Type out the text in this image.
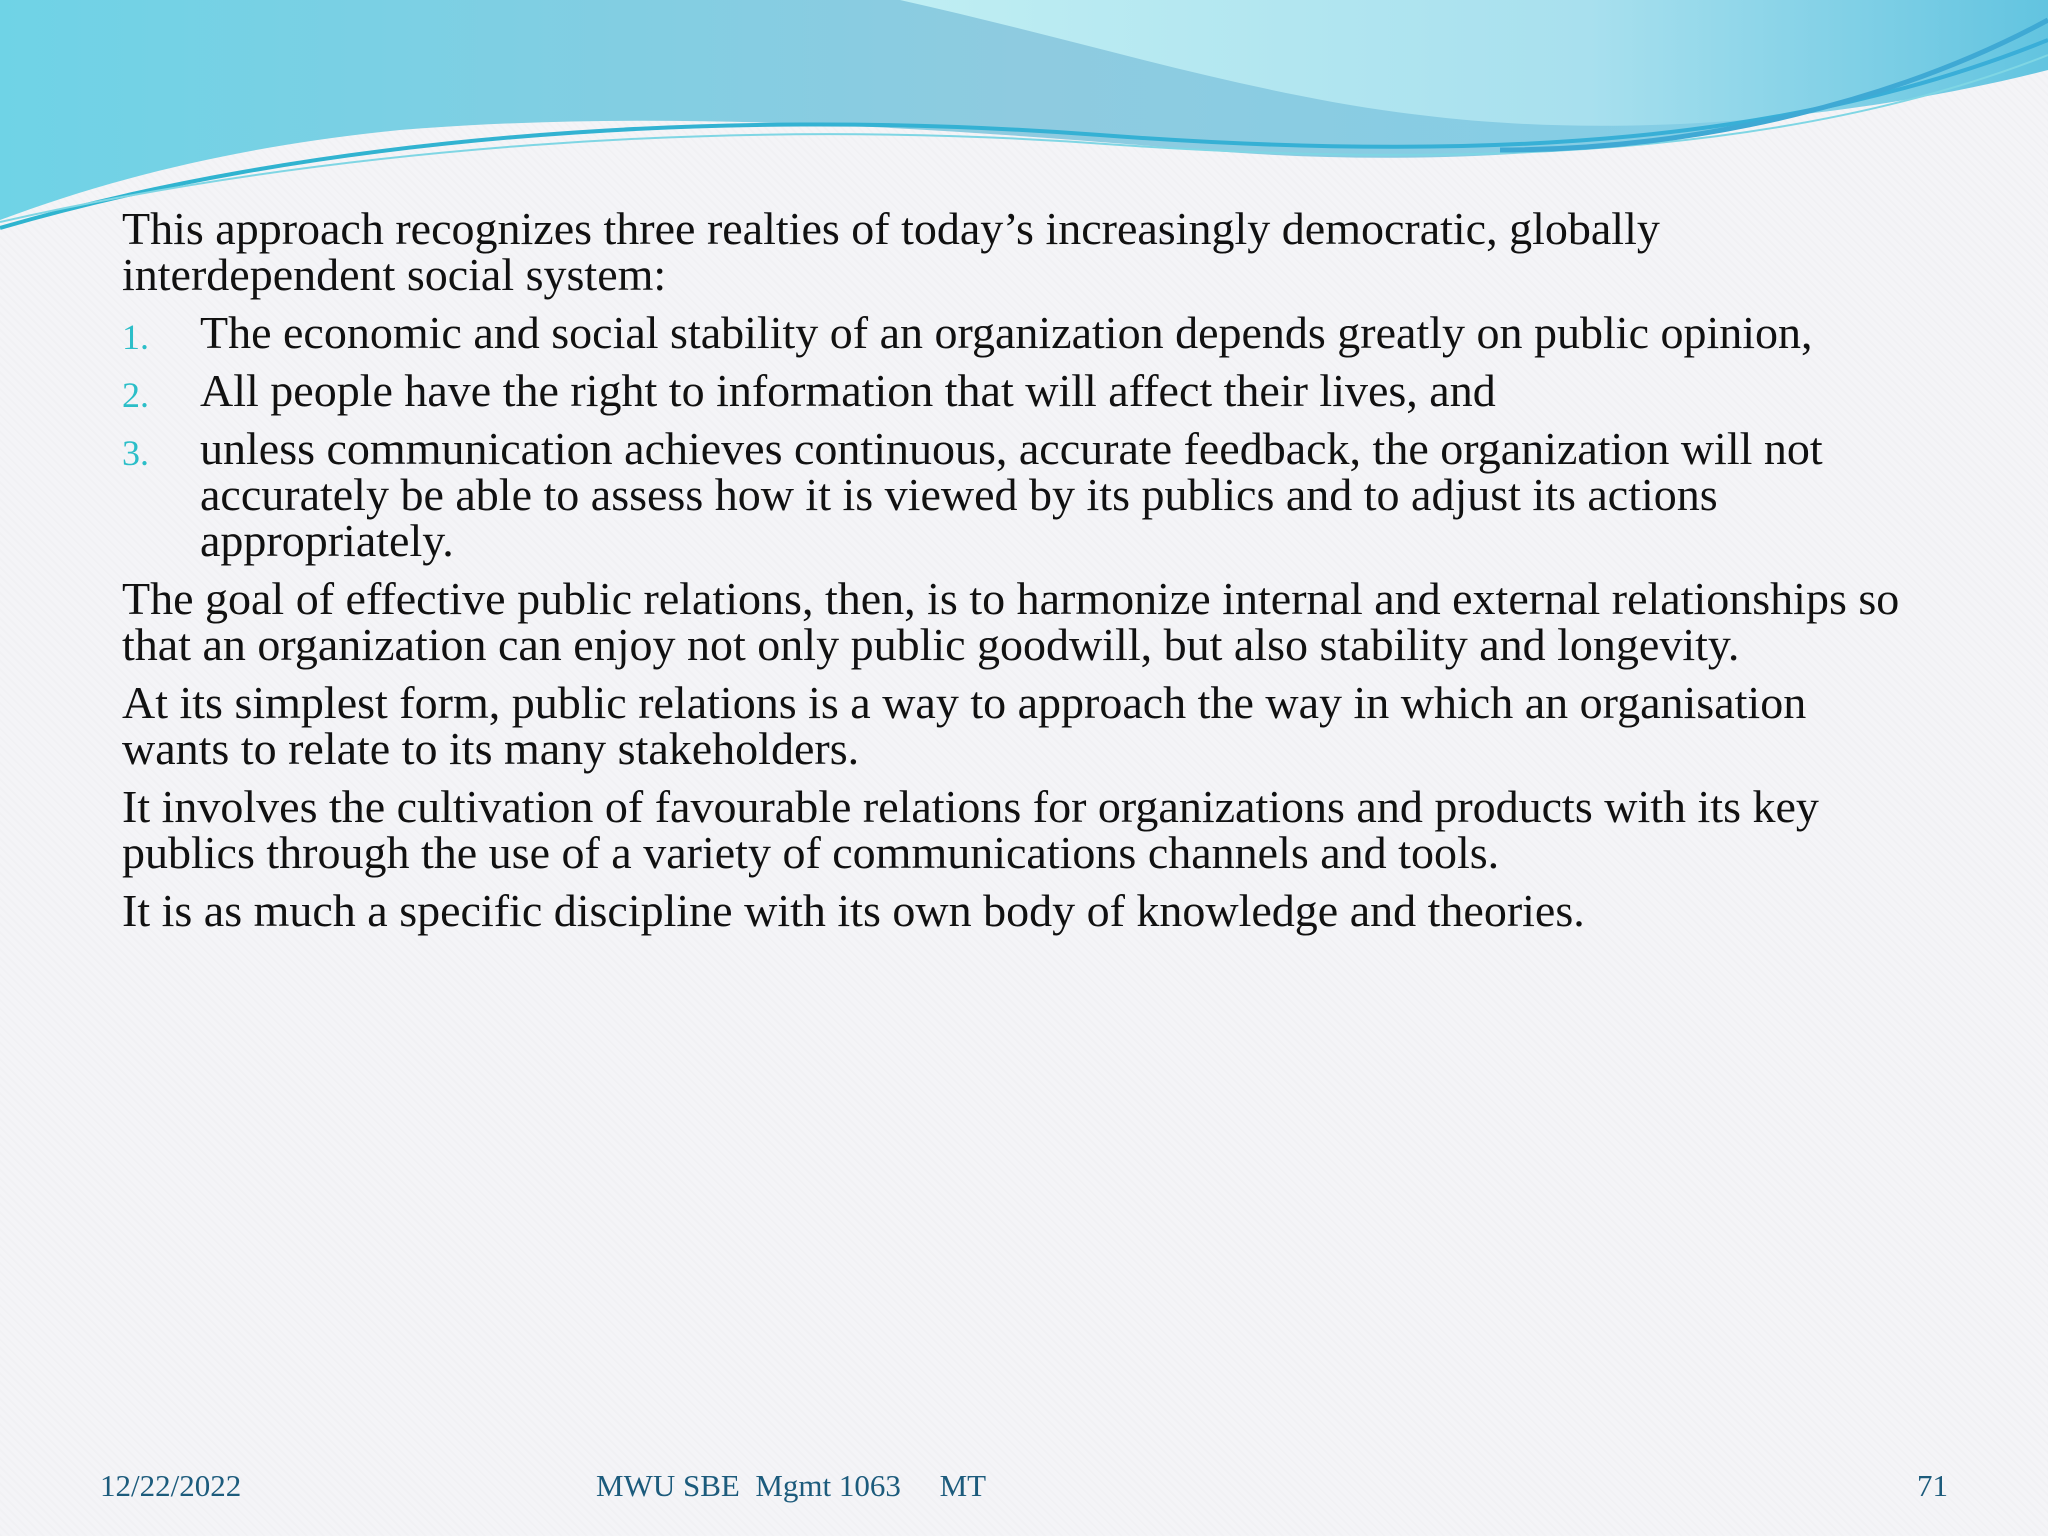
This approach recognizes three realties of today’s increasingly democratic, globally interdependent social system:

1.	The economic and social stability of an organization depends greatly on public opinion,
2.	All people have the right to information that will affect their lives, and
3.	unless communication achieves continuous, accurate feedback, the organization will not accurately be able to assess how it is viewed by its publics and to adjust its actions appropriately.

The goal of effective public relations, then, is to harmonize internal and external relationships so that an organization can enjoy not only public goodwill, but also stability and longevity.

At its simplest form, public relations is a way to approach the way in which an organisation wants to relate to its many stakeholders.

It involves the cultivation of favourable relations for organizations and products with its key publics through the use of a variety of communications channels and tools.

It is as much a specific discipline with its own body of knowledge and theories.

12/22/2022	MWU SBE  Mgmt 1063     MT	71
